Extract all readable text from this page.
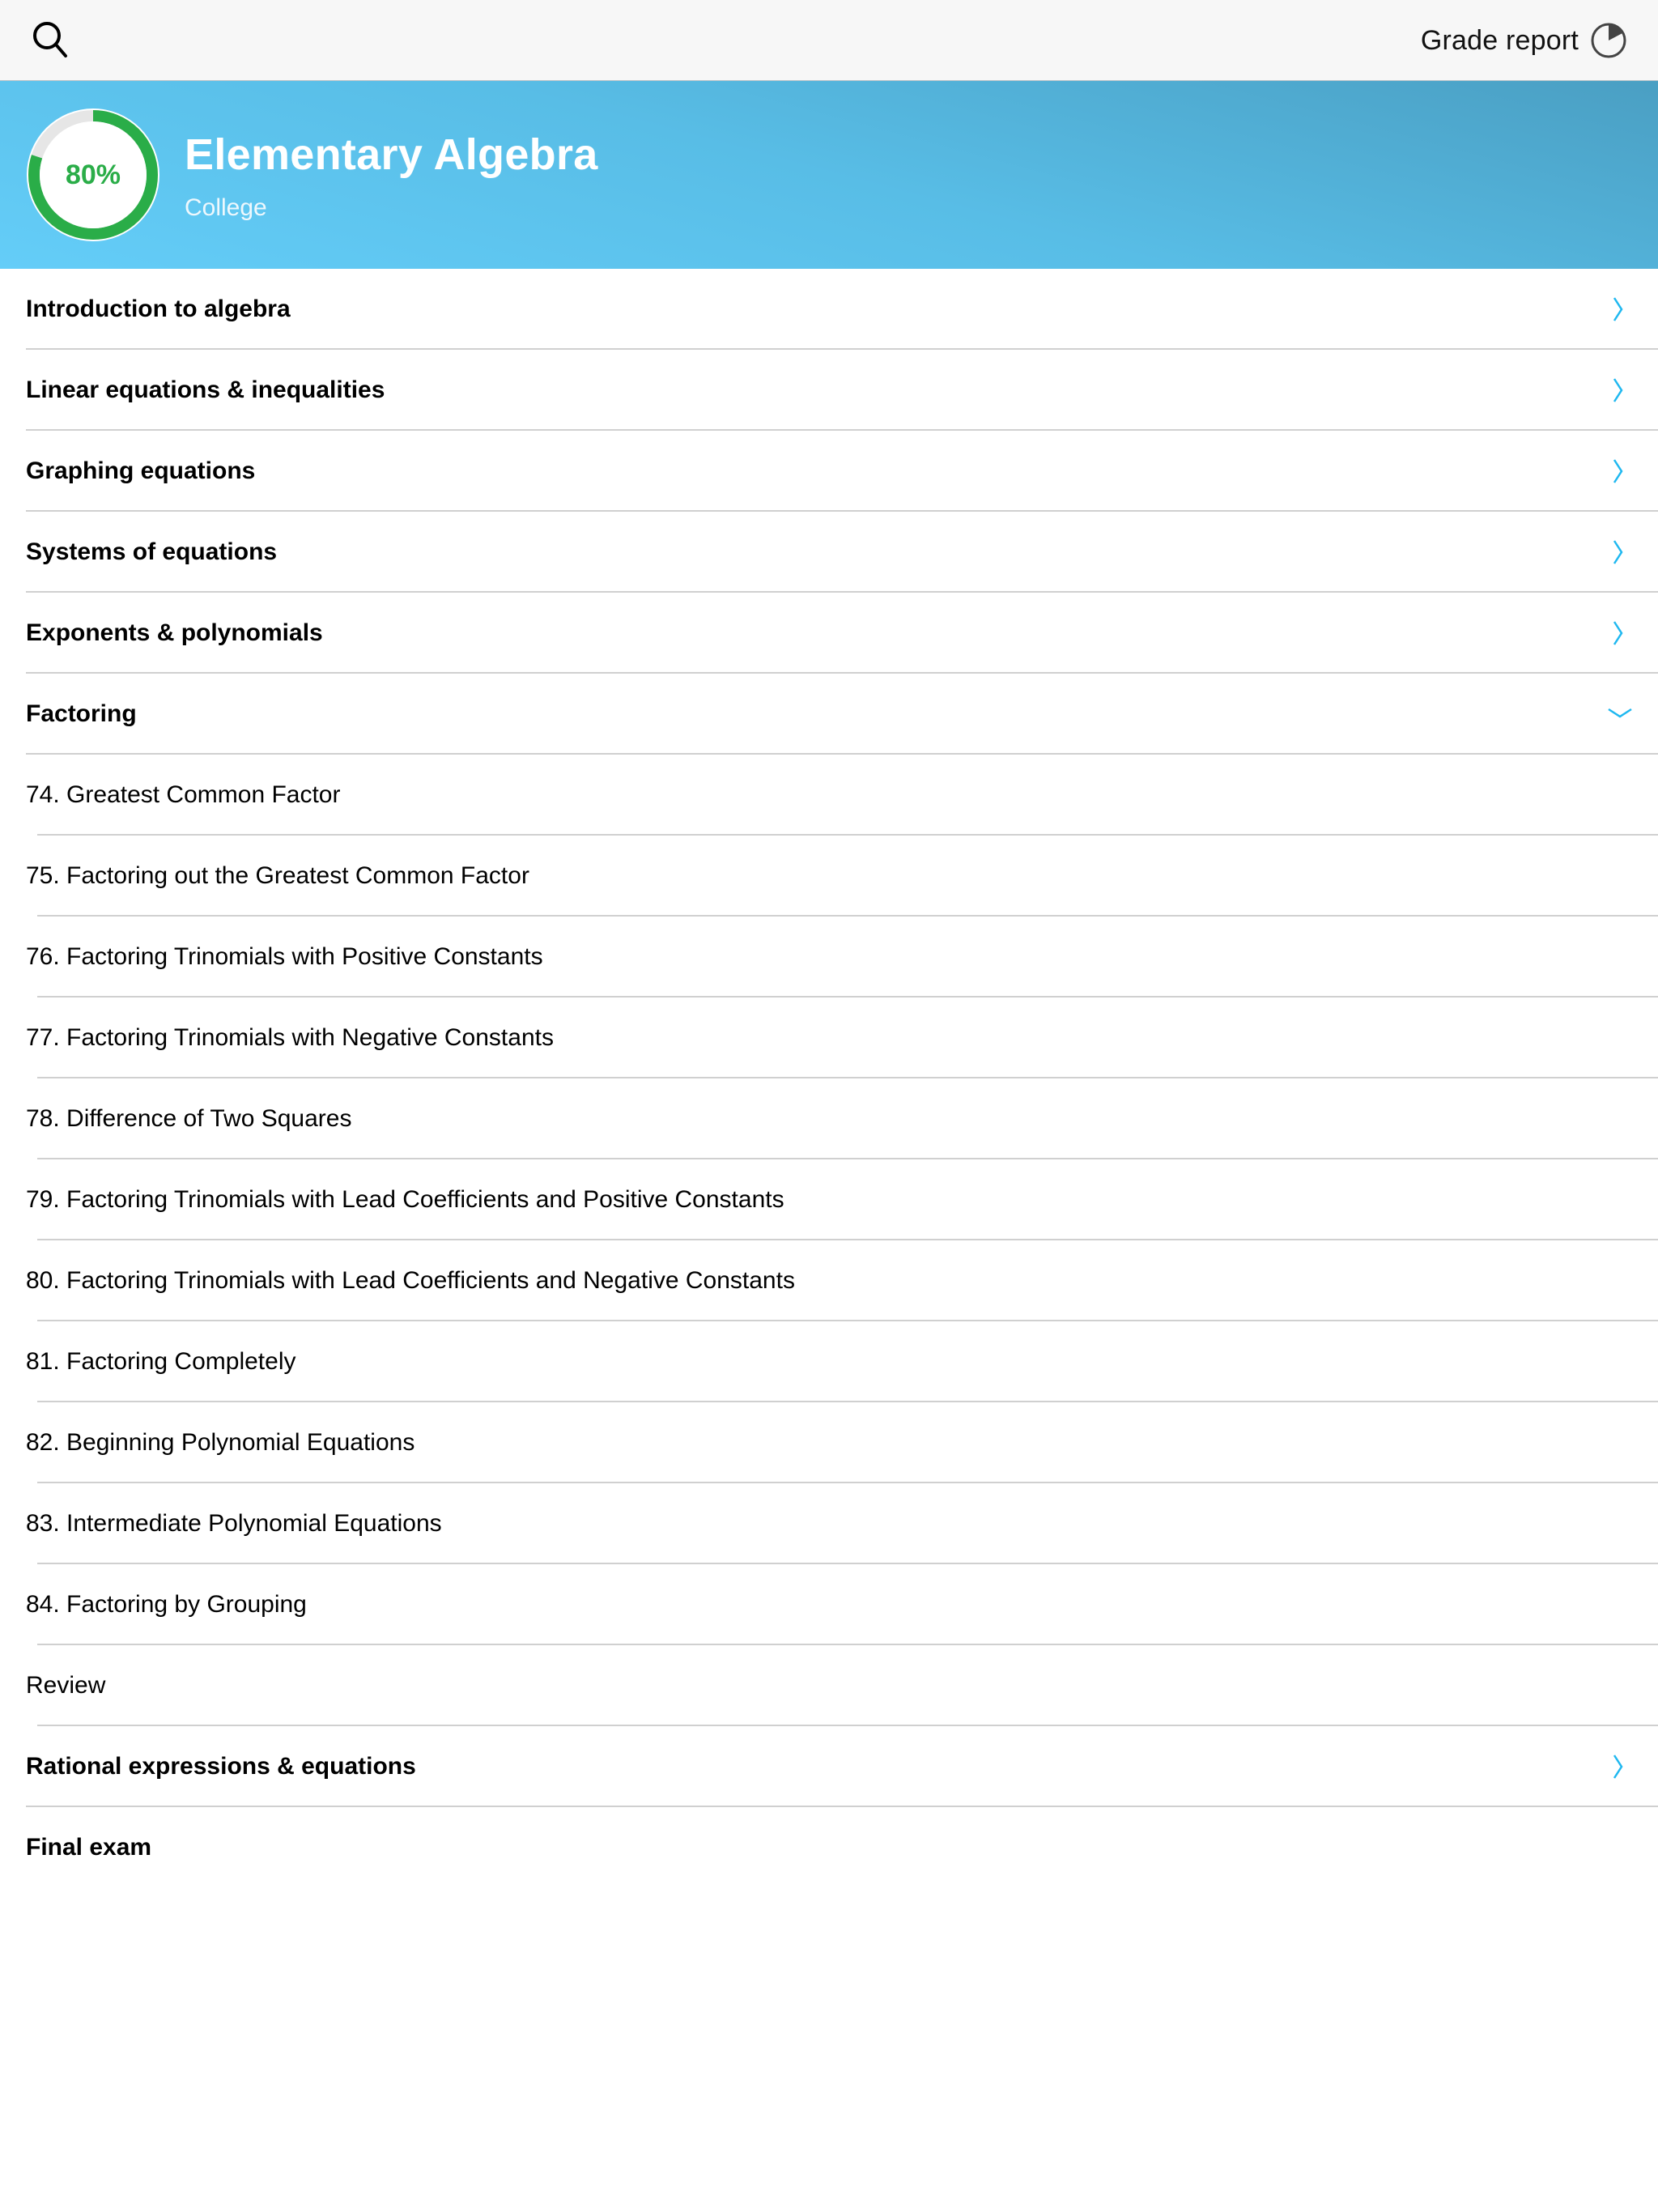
Grade report
80%	Elementary Algebra
College
Introduction to algebra
Linear equations & inequalities
Graphing equations
Systems of equations
Exponents & polynomials
Factoring
74. Greatest Common Factor
75. Factoring out the Greatest Common Factor
76. Factoring Trinomials with Positive Constants
77. Factoring Trinomials with Negative Constants
78. Difference of Two Squares
79. Factoring Trinomials with Lead Coefficients and Positive Constants
80. Factoring Trinomials with Lead Coefficients and Negative Constants
81. Factoring Completely
82. Beginning Polynomial Equations
83. Intermediate Polynomial Equations
84. Factoring by Grouping
Review
Rational expressions & equations
Final exam
